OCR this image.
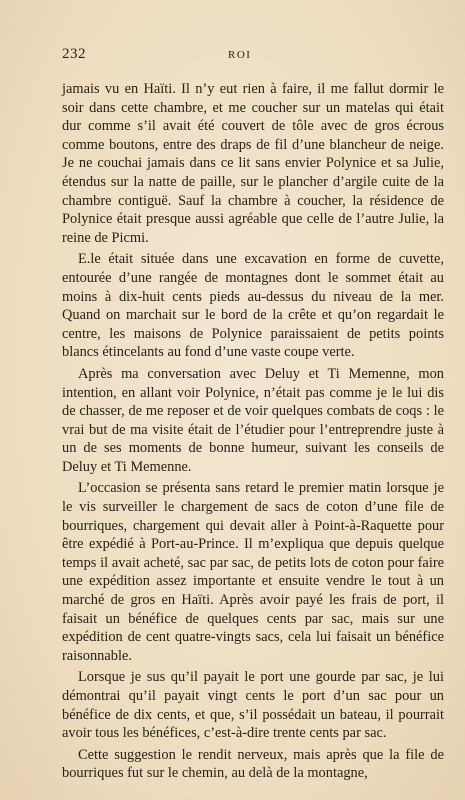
232	ROI

jamais vu en Haïti. Il n’y eut rien à faire, il me fallut dormir le soir dans cette chambre, et me coucher sur un matelas qui était dur comme s’il avait été couvert de tôle avec de gros écrous comme boutons, entre des draps de fil d’une blancheur de neige. Je ne couchai jamais dans ce lit sans envier Polynice et sa Julie, étendus sur la natte de paille, sur le plancher d’argile cuite de la chambre contiguë. Sauf la chambre à coucher, la résidence de Polynice était presque aussi agréable que celle de l’autre Julie, la reine de Picmi.

E.le était située dans une excavation en forme de cuvette, entourée d’une rangée de montagnes dont le sommet était au moins à dix-huit cents pieds au-dessus du niveau de la mer. Quand on marchait sur le bord de la crête et qu’on regardait le centre, les maisons de Polynice paraissaient de petits points blancs étincelants au fond d’une vaste coupe verte.

Après ma conversation avec Deluy et Ti Memenne, mon intention, en allant voir Polynice, n’était pas comme je le lui dis de chasser, de me reposer et de voir quelques combats de coqs : le vrai but de ma visite était de l’étudier pour l’entreprendre juste à un de ses moments de bonne humeur, suivant les conseils de Deluy et Ti Memenne.

L’occasion se présenta sans retard le premier matin lorsque je le vis surveiller le chargement de sacs de coton d’une file de bourriques, chargement qui devait aller à Point-à-Raquette pour être expédié à Port-au-Prince. Il m’expliqua que depuis quelque temps il avait acheté, sac par sac, de petits lots de coton pour faire une expédition assez importante et ensuite vendre le tout à un marché de gros en Haïti. Après avoir payé les frais de port, il faisait un bénéfice de quelques cents par sac, mais sur une expédition de cent quatre-vingts sacs, cela lui faisait un bénéfice raisonnable.

Lorsque je sus qu’il payait le port une gourde par sac, je lui démontrai qu’il payait vingt cents le port d’un sac pour un bénéfice de dix cents, et que, s’il possédait un bateau, il pourrait avoir tous les bénéfices, c’est-à-dire trente cents par sac.

Cette suggestion le rendit nerveux, mais après que la file de bourriques fut sur le chemin, au delà de la montagne,
